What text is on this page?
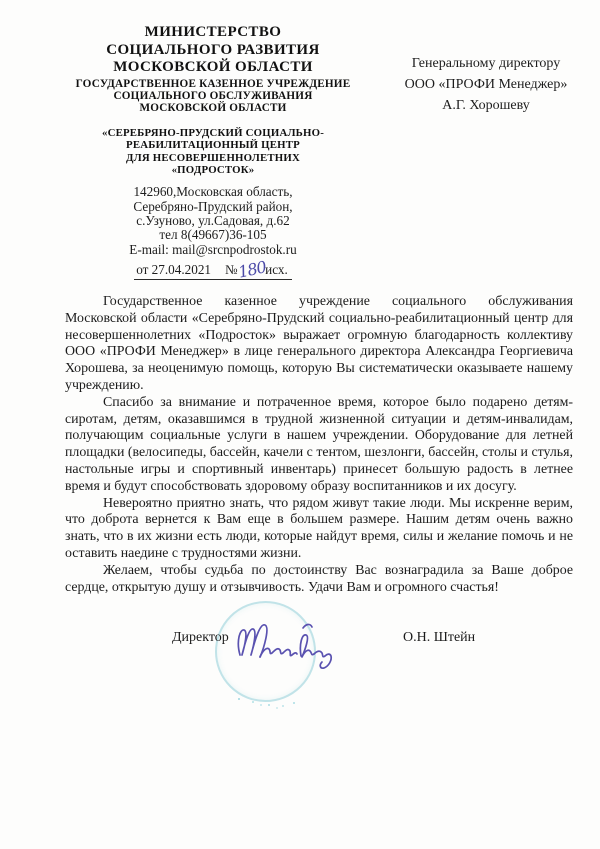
МИНИСТЕРСТВО
СОЦИАЛЬНОГО РАЗВИТИЯ
МОСКОВСКОЙ ОБЛАСТИ
ГОСУДАРСТВЕННОЕ КАЗЕННОЕ УЧРЕЖДЕНИЕ
СОЦИАЛЬНОГО ОБСЛУЖИВАНИЯ
МОСКОВСКОЙ ОБЛАСТИ
«СЕРЕБРЯНО-ПРУДСКИЙ СОЦИАЛЬНО-
РЕАБИЛИТАЦИОННЫЙ ЦЕНТР
ДЛЯ НЕСОВЕРШЕННОЛЕТНИХ
«ПОДРОСТОК»
142960,Московская область,
Серебряно-Прудский район,
с.Узуново, ул.Садовая, д.62
тел 8(49667)36-105
E-mail: mail@srcnpodrostok.ru
от 27.04.2021 №180исх.
Генеральному директору
ООО «ПРОФИ Менеджер»
А.Г. Хорошеву

Государственное казенное учреждение социального обслуживания Московской области «Серебряно-Прудский социально-реабилитационный центр для несовершеннолетних «Подросток» выражает огромную благодарность коллективу ООО «ПРОФИ Менеджер» в лице генерального директора Александра Георгиевича Хорошева, за неоценимую помощь, которую Вы систематически оказываете нашему учреждению.

Спасибо за внимание и потраченное время, которое было подарено детям-сиротам, детям, оказавшимся в трудной жизненной ситуации и детям-инвалидам, получающим социальные услуги в нашем учреждении. Оборудование для летней площадки (велосипеды, бассейн, качели с тентом, шезлонги, бассейн, столы и стулья, настольные игры и спортивный инвентарь) принесет большую радость в летнее время и будут способствовать здоровому образу воспитанников и их досугу.

Невероятно приятно знать, что рядом живут такие люди. Мы искренне верим, что доброта вернется к Вам еще в большем размере. Нашим детям очень важно знать, что в их жизни есть люди, которые найдут время, силы и желание помочь и не оставить наедине с трудностями жизни.

Желаем, чтобы судьба по достоинству Вас вознаградила за Ваше доброе сердце, открытую душу и отзывчивость. Удачи Вам и огромного счастья!

Директор	О.Н. Штейн
